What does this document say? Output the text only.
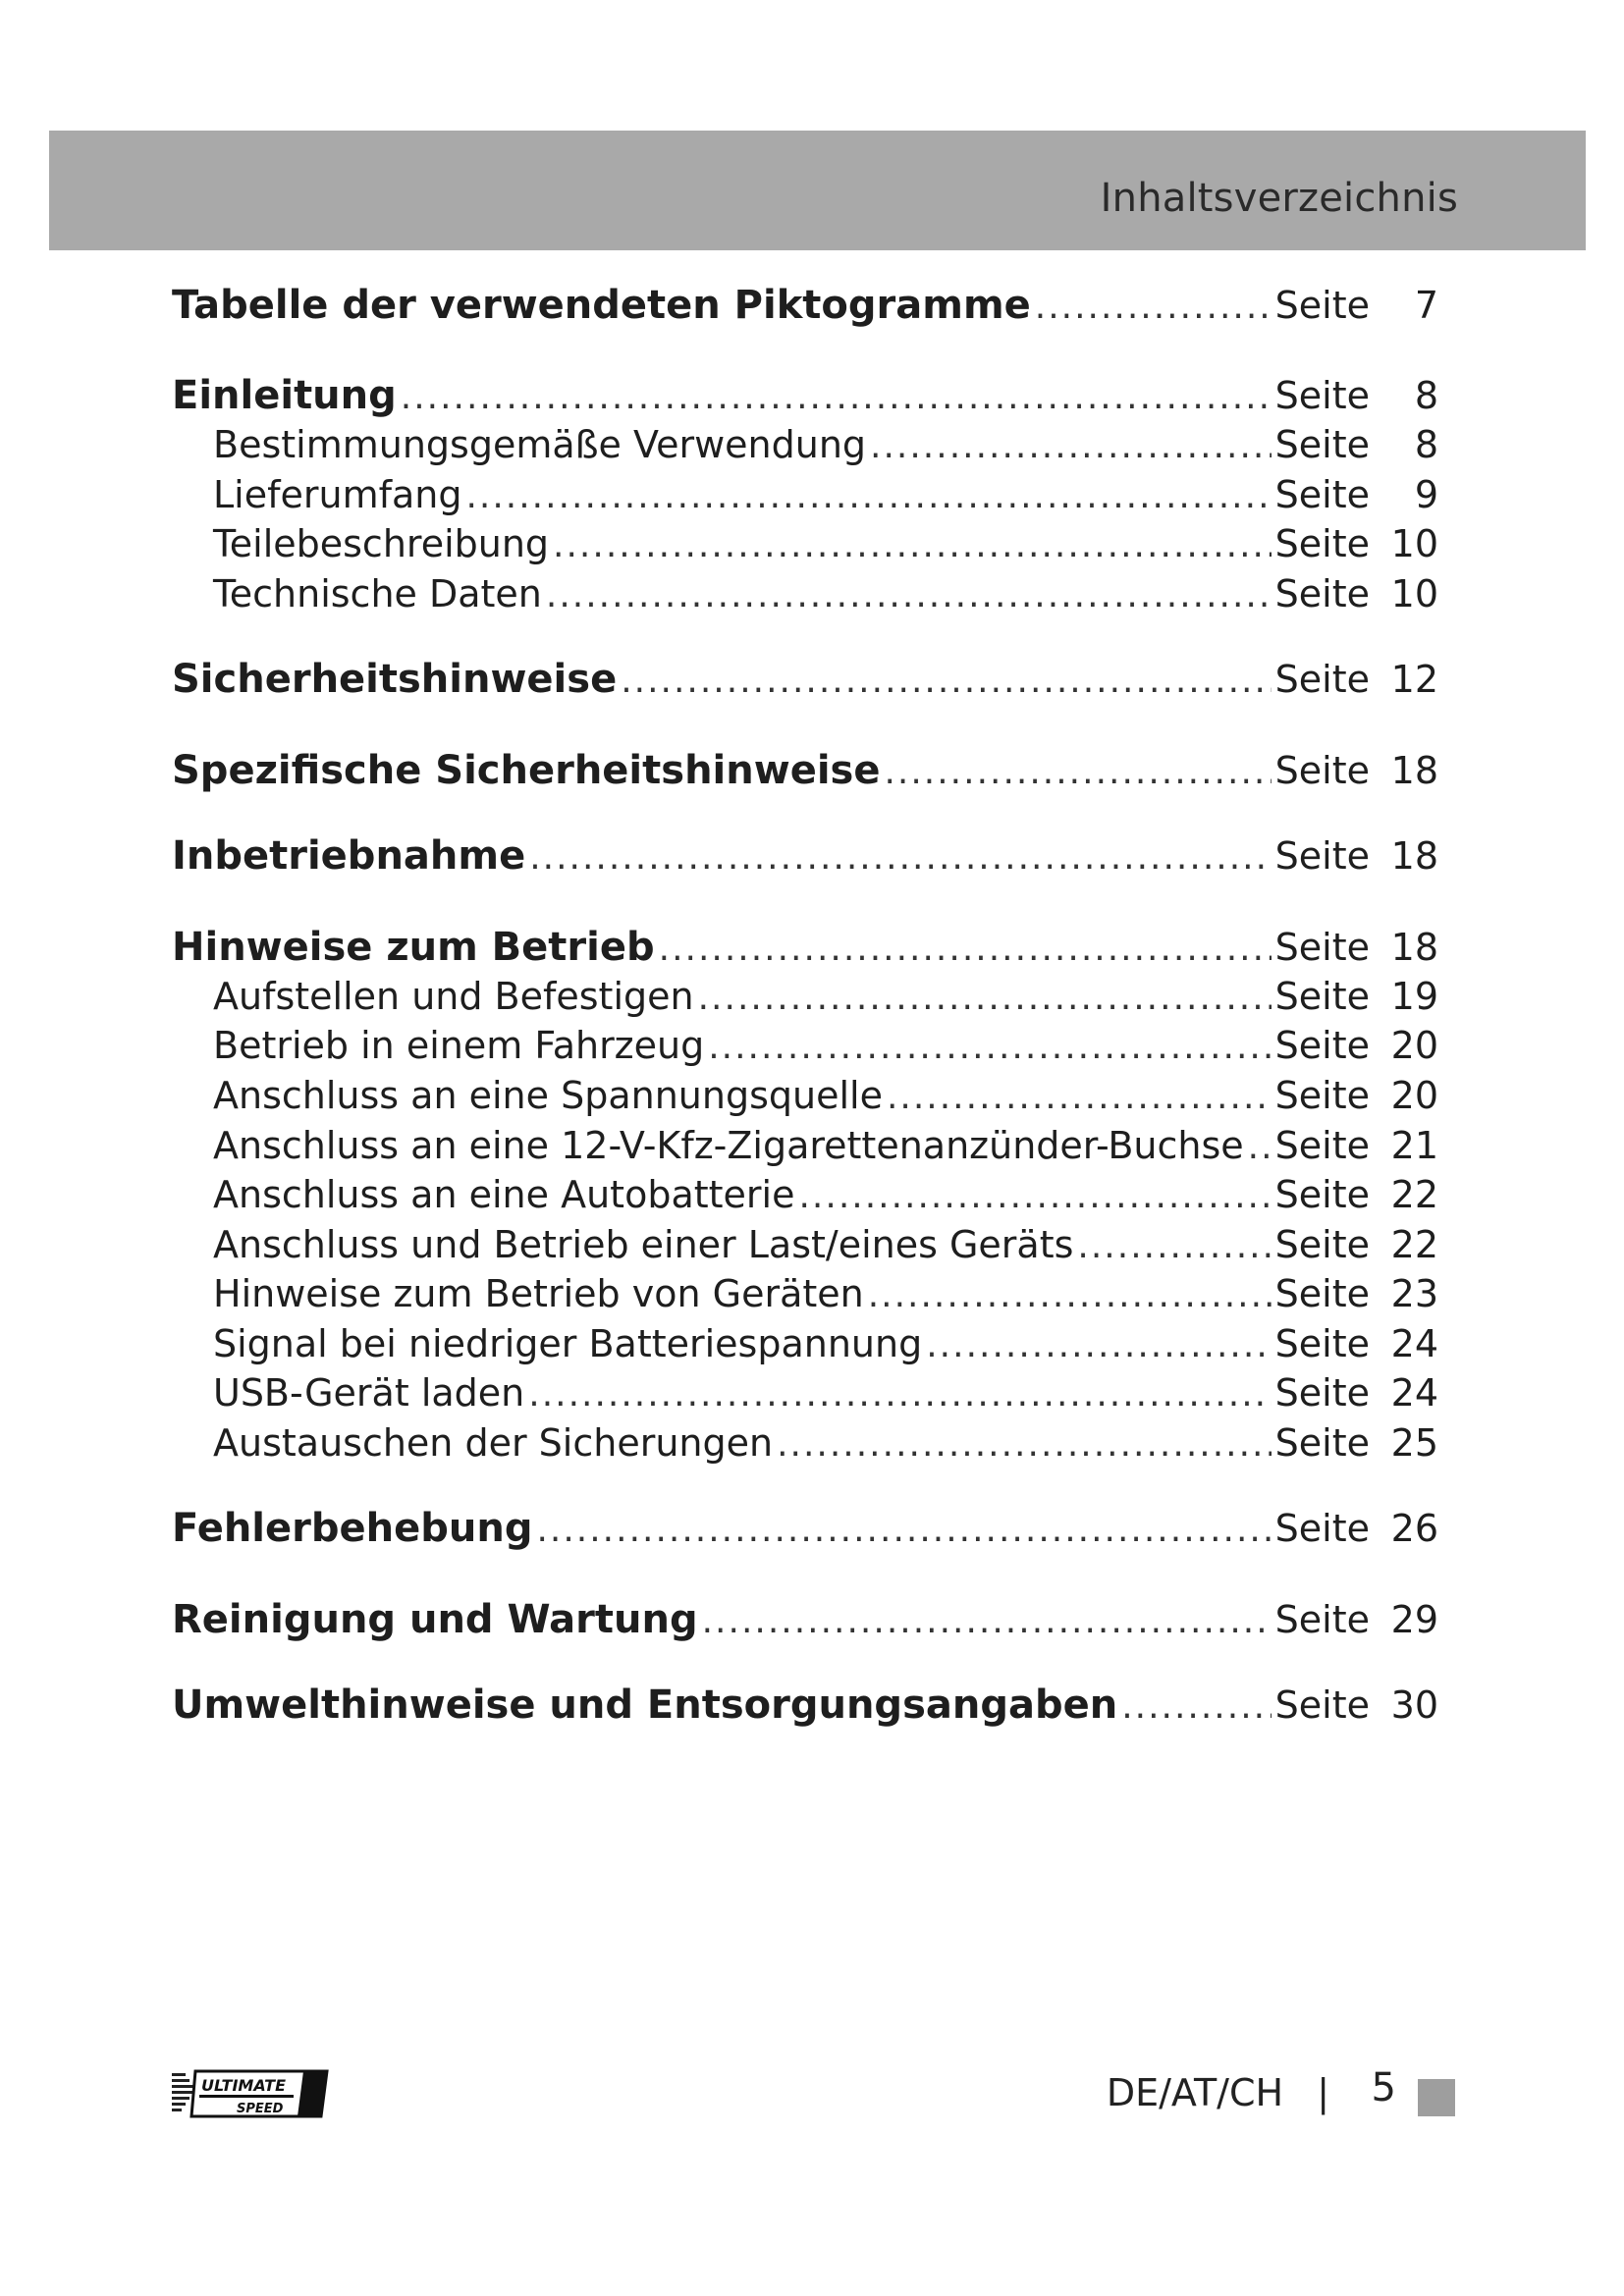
Inhaltsverzeichnis
Tabelle der verwendeten Piktogramme .....	Seite	7
Einleitung .....	Seite	8
Bestimmungsgemäße Verwendung .....	Seite	8
Lieferumfang .....	Seite	9
Teilebeschreibung .....	Seite 10
Technische Daten .....	Seite 10
Sicherheitshinweise .....	Seite 12
Spezifische Sicherheitshinweise .....	Seite 18
Inbetriebnahme .....	Seite 18
Hinweise zum Betrieb .....	Seite 18
Aufstellen und Befestigen .....	Seite 19
Betrieb in einem Fahrzeug .....	Seite 20
Anschluss an eine Spannungsquelle .....	Seite 20
Anschluss an eine 12-V-Kfz-Zigarettenanzünder-Buchse ..... Seite 21
Anschluss an eine Autobatterie .....	Seite 22
Anschluss und Betrieb einer Last/eines Geräts .....	Seite 22
Hinweise zum Betrieb von Geräten .....	Seite 23
Signal bei niedriger Batteriespannung .....	Seite 24
USB-Gerät laden .....	Seite 24
Austauschen der Sicherungen .....	Seite 25
Fehlerbehebung .....	Seite 26
Reinigung und Wartung .....	Seite 29
Umwelthinweise und Entsorgungsangaben .....	Seite 30
ULTIMATE
SPEED	DE/AT/CH | 5
